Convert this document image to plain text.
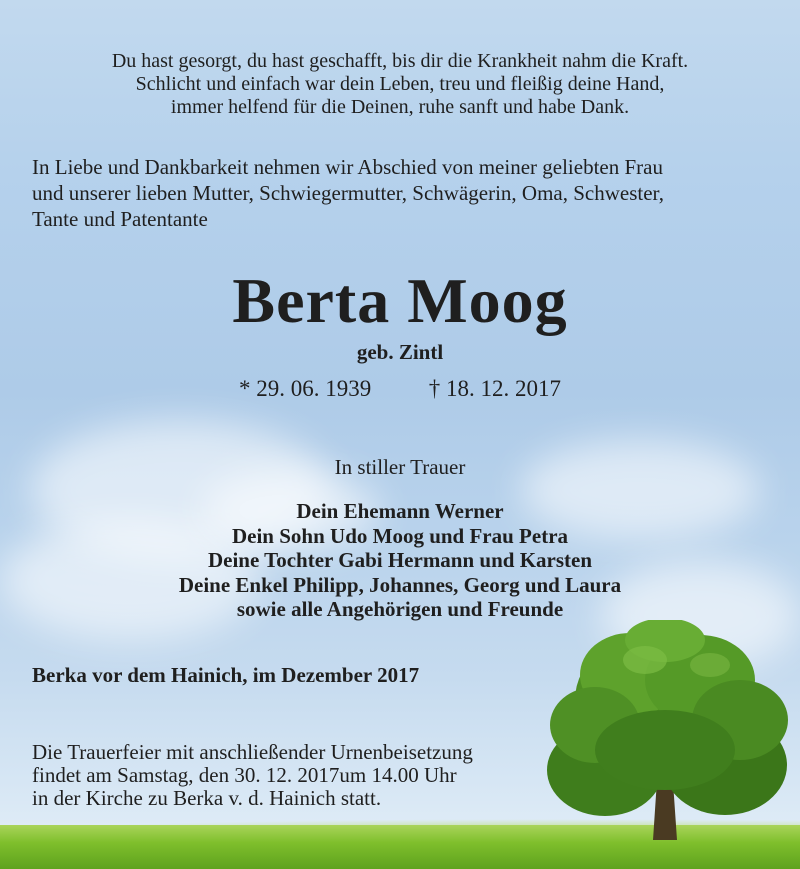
Du hast gesorgt, du hast geschafft, bis dir die Krankheit nahm die Kraft.
Schlicht und einfach war dein Leben, treu und fleißig deine Hand,
immer helfend für die Deinen, ruhe sanft und habe Dank.

In Liebe und Dankbarkeit nehmen wir Abschied von meiner geliebten Frau
und unserer lieben Mutter, Schwiegermutter, Schwägerin, Oma, Schwester,
Tante und Patentante

Berta Moog

geb. Zintl

* 29. 06. 1939          † 18. 12. 2017

In stiller Trauer

Dein Ehemann Werner
Dein Sohn Udo Moog und Frau Petra
Deine Tochter Gabi Hermann und Karsten
Deine Enkel Philipp, Johannes, Georg und Laura
sowie alle Angehörigen und Freunde

Berka vor dem Hainich, im Dezember 2017

Die Trauerfeier mit anschließender Urnenbeisetzung
findet am Samstag, den 30. 12. 2017um 14.00 Uhr
in der Kirche zu Berka v. d. Hainich statt.
